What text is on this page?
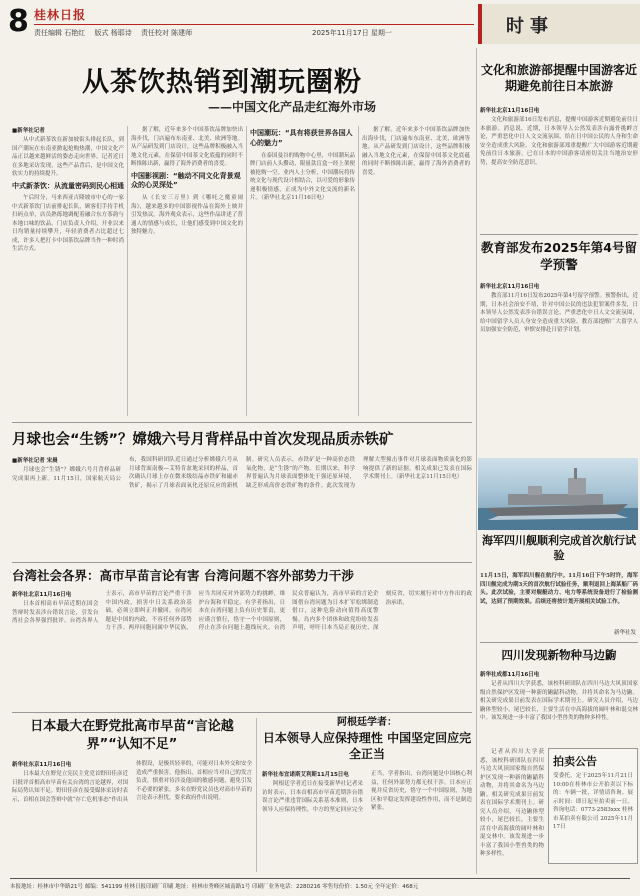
8 桂林日报
责任编辑 石艳红 版式 杨耶诗 责任校对 陈建师	2025年11月17日 星期一	时事
从茶饮热销到潮玩圈粉
——中国文化产品走红海外市场
■新华社记者
从中式新茶饮在新加坡街头排起长队，到国产潮玩在东南亚掀起抢购热潮，中国文化产品正以越来越鲜活的姿态走向世界。记者近日在多地采访发现，这些产品背后，是中国文化软实力的持续提升。
中式新茶饮：从流量密码到民心相通
午后时分，马来西亚吉隆坡市中心的一家中式新茶饮门店前排起长队，顾客们手持手机扫码点单，店员熟练地调配着融合东方茶韵与本地口味的饮品。门店负责人介绍，开业以来日均销量持续攀升，年轻消费者占比超过七成，许多人把打卡中国茶饮品牌当作一种时尚生活方式。
据了解，近年来多个中国茶饮品牌加快出海步伐，门店遍布东南亚、北美、欧洲等地。从产品研发到门店设计，这些品牌积极融入当地文化元素，在保留中国茶文化底蕴的同时不断推陈出新，赢得了海外消费者的喜爱。
中国影视剧：“触动不同文化背景观众的心灵深处”
从《长安三万里》到《哪吒之魔童闹海》，越来越多的中国影视作品在海外上映并引发热议。海外观众表示，这些作品讲述了普通人的情感与成长，让他们感受到中国文化的独特魅力。
中国潮玩：“具有将获世界各国人心的魅力”
在泰国曼谷的购物中心里，中国潮玩品牌门店前人头攒动，限量款盲盒一经上架便被抢购一空。业内人士分析，中国潮玩将传统文化与现代设计相结合，以可爱的形象传递积极情感，正成为中外文化交流的新名片。（新华社北京11月16日电）
据了解，近年来多个中国茶饮品牌加快出海步伐，门店遍布东南亚、北美、欧洲等地。从产品研发到门店设计，这些品牌积极融入当地文化元素，在保留中国茶文化底蕴的同时不断推陈出新，赢得了海外消费者的喜爱。
月球也会“生锈”？嫦娥六号月背样品中首次发现品质赤铁矿
■新华社记者 宋晨
月球也会“生锈”？嫦娥六号月背样品研究成果再上新。11月15日，国家航天局公布，我国科研团队近日通过分析嫦娥六号从月球背面南极—艾特肯盆地采回的样品，首次确认月球上存在微米级结晶赤铁矿和磁赤铁矿，揭示了月球表面氧化还原反应的新机制。研究人员表示，赤铁矿是一种高价态铁氧化物，是“生锈”的产物。长期以来，科学界普遍认为月球表面整体处于强还原环境，缺乏形成高价态铁矿物的条件。此次发现为理解大型撞击事件对月球表面物质演化的影响提供了新的证据。相关成果已发表在国际学术期刊上。（新华社北京11月15日电）
台湾社会各界：高市早苗言论有害 台湾问题不容外部势力干涉
新华社北京11月16日电
日本首相高市早苗近期在国会答辩时发表涉台错误言论，引发台湾社会各界强烈批评。台湾各界人士表示，高市早苗的言论严重干涉中国内政，损害中日关系政治基础，必须立即纠正并撤回。台湾问题是中国的内政，不容任何外部势力干涉。两岸同胞同属中华民族，应当共同反对外部势力的挑衅，维护台海和平稳定。有学者指出，日本在台湾问题上负有历史罪责，更应谨言慎行，恪守一个中国原则，停止在涉台问题上越线玩火。台湾民众普遍认为，高市早苗的言论企图借台湾问题为日本扩军松绑制造借口，这种危险动向值得高度警惕。岛内多个团体和政党纷纷发表声明，呼吁日本当局正视历史、深刻反省，切实履行对中方作出的政治承诺。
日本最大在野党批高市早苗“言论越界”“认知不足”
新华社东京11月16日电
日本最大在野党立宪民主党党首野田佳彦近日批评首相高市早苗有关台湾的言论越界，对国际局势认知不足。野田佳彦在接受媒体采访时表示，首相在国会答辩中就“存亡危机事态”作出具体假设，是极其轻率的，可能对日本外交和安全造成严重损害。他指出，首相应当对自己的发言负责，慎重对待涉及他国的敏感问题，避免引发不必要的紧张。多名在野党议员也对高市早苗的言论表示担忧，要求政府作出说明。
阿根廷学者：
日本领导人应保持理性 中国坚定回应完全正当
新华社布宜诺斯艾利斯11月15日电
阿根廷学者近日在接受新华社记者采访时表示，日本首相高市早苗近期涉台错误言论严重违背国际关系基本准则，日本领导人应保持理性，中方的坚定回应完全正当。学者指出，台湾问题是中国核心利益，任何外部势力都无权干涉。日本应正视并反省历史，恪守一个中国原则，为地区和平稳定发挥建设性作用，而不是制造紧张。
文化和旅游部提醒中国游客近期避免前往日本旅游
新华社北京11月16日电
文化和旅游部16日发布消息，提醒中国游客近期避免前往日本旅游。消息说，近期，日本领导人公然发表涉台露骨挑衅言论，严重恶化中日人文交流氛围，给在日中国公民的人身和生命安全造成重大风险。文化和旅游部郑重提醒广大中国游客近期避免前往日本旅游。已在日本的中国游客请密切关注当地治安形势，提高安全防范意识。
教育部发布2025年第4号留学预警
新华社北京11月16日电
教育部11月16日发布2025年第4号留学预警。预警指出，近期，日本社会治安不靖，针对中国公民的违法犯罪案件多发，日本领导人公然发表涉台错误言论，严重恶化中日人文交流氛围，给中国留学人员人身安全造成重大风险。教育部提醒广大留学人员加强安全防范，审慎安排赴日留学计划。
海军四川舰顺利完成首次航行试验
11月15日，海军四川舰在航行中。11月16日下午5时许，海军四川舰完成为期3天的首次航行试验任务，顺利返回上海某船厂码头。此次试验，主要对舰艇动力、电力等系统设备进行了检验测试，达到了预期效果。后续还将按计划开展相关试验工作。
新华社发
四川发现新物种马边鼩
新华社成都11月16日电
记者从四川大学获悉，该校科研团队在四川马边大风顶国家级自然保护区发现一种新的鼩鼱科动物，并将其命名为马边鼩。相关研究成果日前发表在国际学术期刊上。研究人员介绍，马边鼩体型较小，尾巴较长，主要生活在中高海拔的阔叶林和混交林中。该发现进一步丰富了我国小型兽类的物种多样性。
记者从四川大学获悉，该校科研团队在四川马边大风顶国家级自然保护区发现一种新的鼩鼱科动物，并将其命名为马边鼩。相关研究成果日前发表在国际学术期刊上。研究人员介绍，马边鼩体型较小，尾巴较长，主要生活在中高海拔的阔叶林和混交林中。该发现进一步丰富了我国小型兽类的物种多样性。
拍卖公告
受委托，定于2025年11月21日10:00在桂林市公开拍卖以下标的：车辆一批，详情请咨询。展示时间：即日起至拍卖前一日。咨询电话：0773-2583xxx 桂林市某拍卖有限公司 2025年11月17日
本报地址：桂林市中华路21号 邮编：541199 桂林日报印刷厂印刷 地址：桂林市秀峰区城南路1号 印刷厂业务电话：2280216 零售每份价：1.50元 全年定价：468元
